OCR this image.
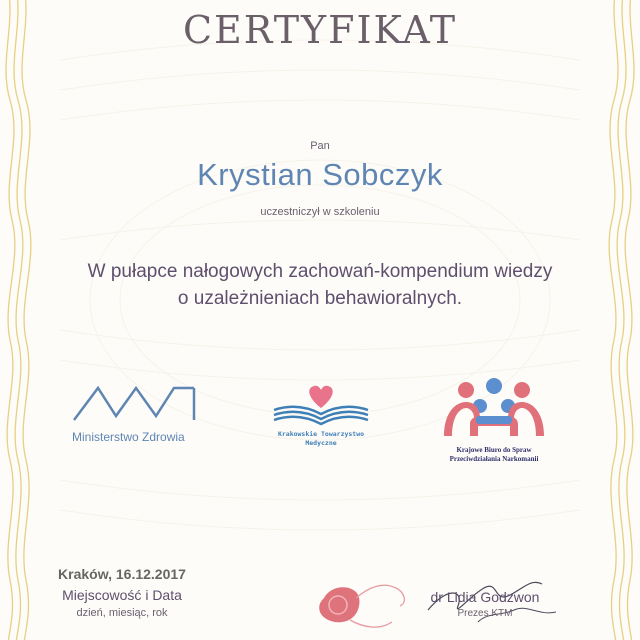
CERTYFIKAT
Pan
Krystian Sobczyk
uczestniczył w szkoleniu
W pułapce nałogowych zachowań-kompendium wiedzy
o uzależnieniach behawioralnych.
Ministerstwo Zdrowia	Krakowskie Towarzystwo
Medyczne
Krajowe Biuro do Spraw
Przeciwdziałania Narkomanii
Kraków, 16.12.2017
Miejscowość i Data
dzień, miesiąc, rok
dr Lidia Godzwon
Prezes KTM
